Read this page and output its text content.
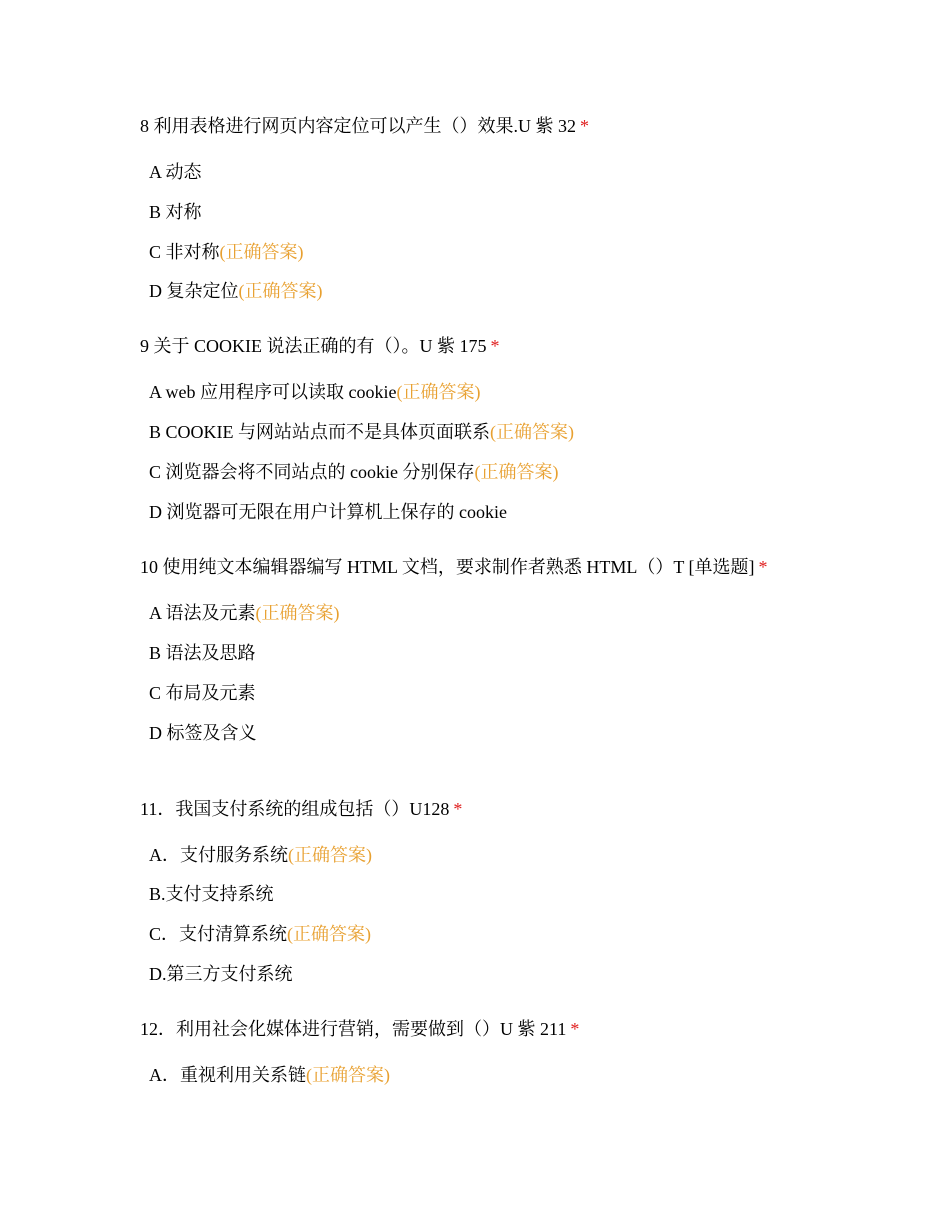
8 利用表格进行网页内容定位可以产生（）效果.U 紫 32 *
A 动态
B 对称
C 非对称(正确答案)
D 复杂定位(正确答案)
9 关于 COOKIE 说法正确的有（）。U 紫 175 *
A web 应用程序可以读取 cookie(正确答案)
B COOKIE 与网站站点而不是具体页面联系(正确答案)
C 浏览器会将不同站点的 cookie 分别保存(正确答案)
D 浏览器可无限在用户计算机上保存的 cookie
10 使用纯文本编辑器编写 HTML 文档，要求制作者熟悉 HTML（）T [单选题] *
A 语法及元素(正确答案)
B 语法及思路
C 布局及元素
D 标签及含义
11．我国支付系统的组成包括（）U128 *
A．支付服务系统(正确答案)
B.支付支持系统
C．支付清算系统(正确答案)
D.第三方支付系统
12．利用社会化媒体进行营销，需要做到（）U 紫 211 *
A．重视利用关系链(正确答案)
